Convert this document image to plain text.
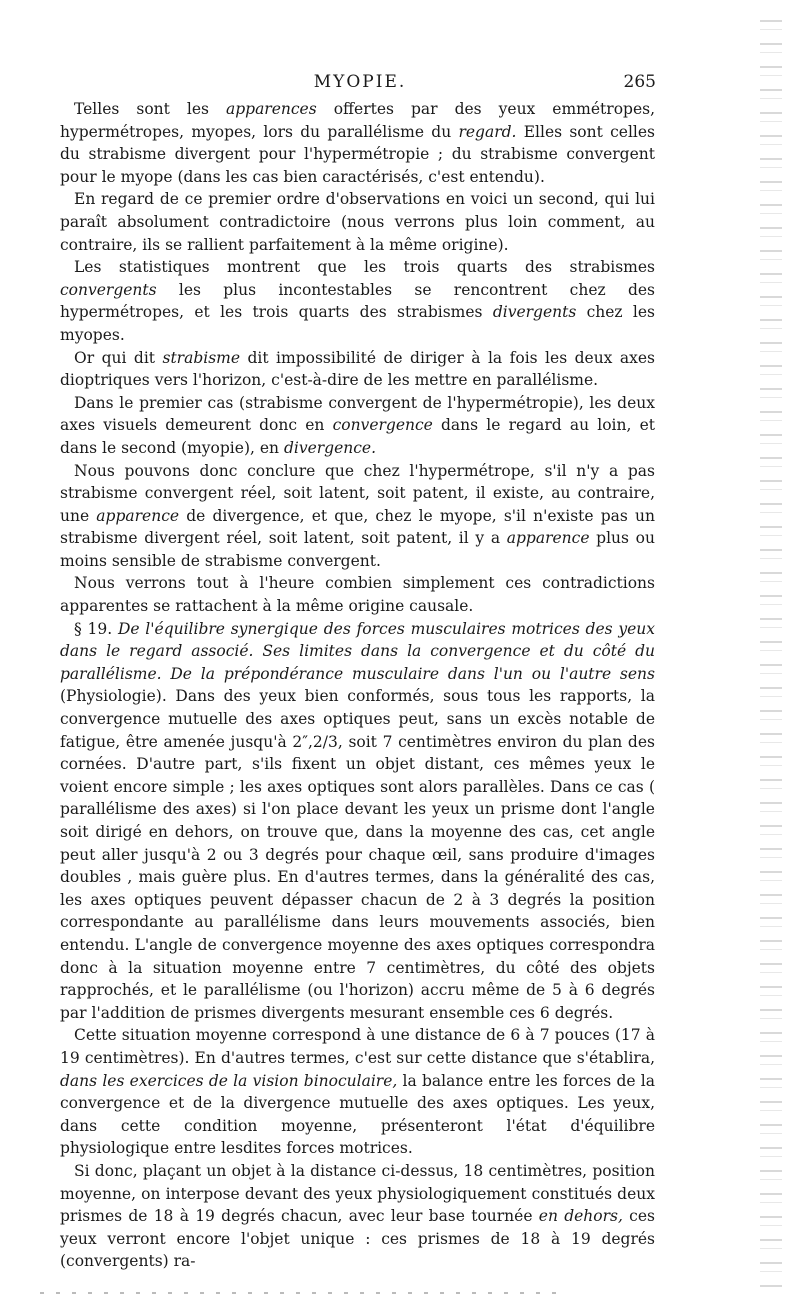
MYOPIE.	265

Telles sont les apparences offertes par des yeux emmétropes, hypermétropes, myopes, lors du parallélisme du regard. Elles sont celles du strabisme divergent pour l'hypermétropie ; du strabisme convergent pour le myope (dans les cas bien caractérisés, c'est entendu).

En regard de ce premier ordre d'observations en voici un second, qui lui paraît absolument contradictoire (nous verrons plus loin comment, au contraire, ils se rallient parfaitement à la même origine).

Les statistiques montrent que les trois quarts des strabismes convergents les plus incontestables se rencontrent chez des hypermétropes, et les trois quarts des strabismes divergents chez les myopes.

Or qui dit strabisme dit impossibilité de diriger à la fois les deux axes dioptriques vers l'horizon, c'est-à-dire de les mettre en parallélisme.

Dans le premier cas (strabisme convergent de l'hypermétropie), les deux axes visuels demeurent donc en convergence dans le regard au loin, et dans le second (myopie), en divergence.

Nous pouvons donc conclure que chez l'hypermétrope, s'il n'y a pas strabisme convergent réel, soit latent, soit patent, il existe, au contraire, une apparence de divergence, et que, chez le myope, s'il n'existe pas un strabisme divergent réel, soit latent, soit patent, il y a apparence plus ou moins sensible de strabisme convergent.

Nous verrons tout à l'heure combien simplement ces contradictions apparentes se rattachent à la même origine causale.

§ 19. De l'équilibre synergique des forces musculaires motrices des yeux dans le regard associé. Ses limites dans la convergence et du côté du parallélisme. De la prépondérance musculaire dans l'un ou l'autre sens (Physiologie). Dans des yeux bien conformés, sous tous les rapports, la convergence mutuelle des axes optiques peut, sans un excès notable de fatigue, être amenée jusqu'à 2″,2/3, soit 7 centimètres environ du plan des cornées. D'autre part, s'ils fixent un objet distant, ces mêmes yeux le voient encore simple ; les axes optiques sont alors parallèles. Dans ce cas ( parallélisme des axes) si l'on place devant les yeux un prisme dont l'angle soit dirigé en dehors, on trouve que, dans la moyenne des cas, cet angle peut aller jusqu'à 2 ou 3 degrés pour chaque œil, sans produire d'images doubles , mais guère plus. En d'autres termes, dans la généralité des cas, les axes optiques peuvent dépasser chacun de 2 à 3 degrés la position correspondante au parallélisme dans leurs mouvements associés, bien entendu. L'angle de convergence moyenne des axes optiques correspondra donc à la situation moyenne entre 7 centimètres, du côté des objets rapprochés, et le parallélisme (ou l'horizon) accru même de 5 à 6 degrés par l'addition de prismes divergents mesurant ensemble ces 6 degrés.

Cette situation moyenne correspond à une distance de 6 à 7 pouces (17 à 19 centimètres). En d'autres termes, c'est sur cette distance que s'établira, dans les exercices de la vision binoculaire, la balance entre les forces de la convergence et de la divergence mutuelle des axes optiques. Les yeux, dans cette condition moyenne, présenteront l'état d'équilibre physiologique entre lesdites forces motrices.

Si donc, plaçant un objet à la distance ci-dessus, 18 centimètres, position moyenne, on interpose devant des yeux physiologiquement constitués deux prismes de 18 à 19 degrés chacun, avec leur base tournée en dehors, ces yeux verront encore l'objet unique : ces prismes de 18 à 19 degrés (convergents) ra-
